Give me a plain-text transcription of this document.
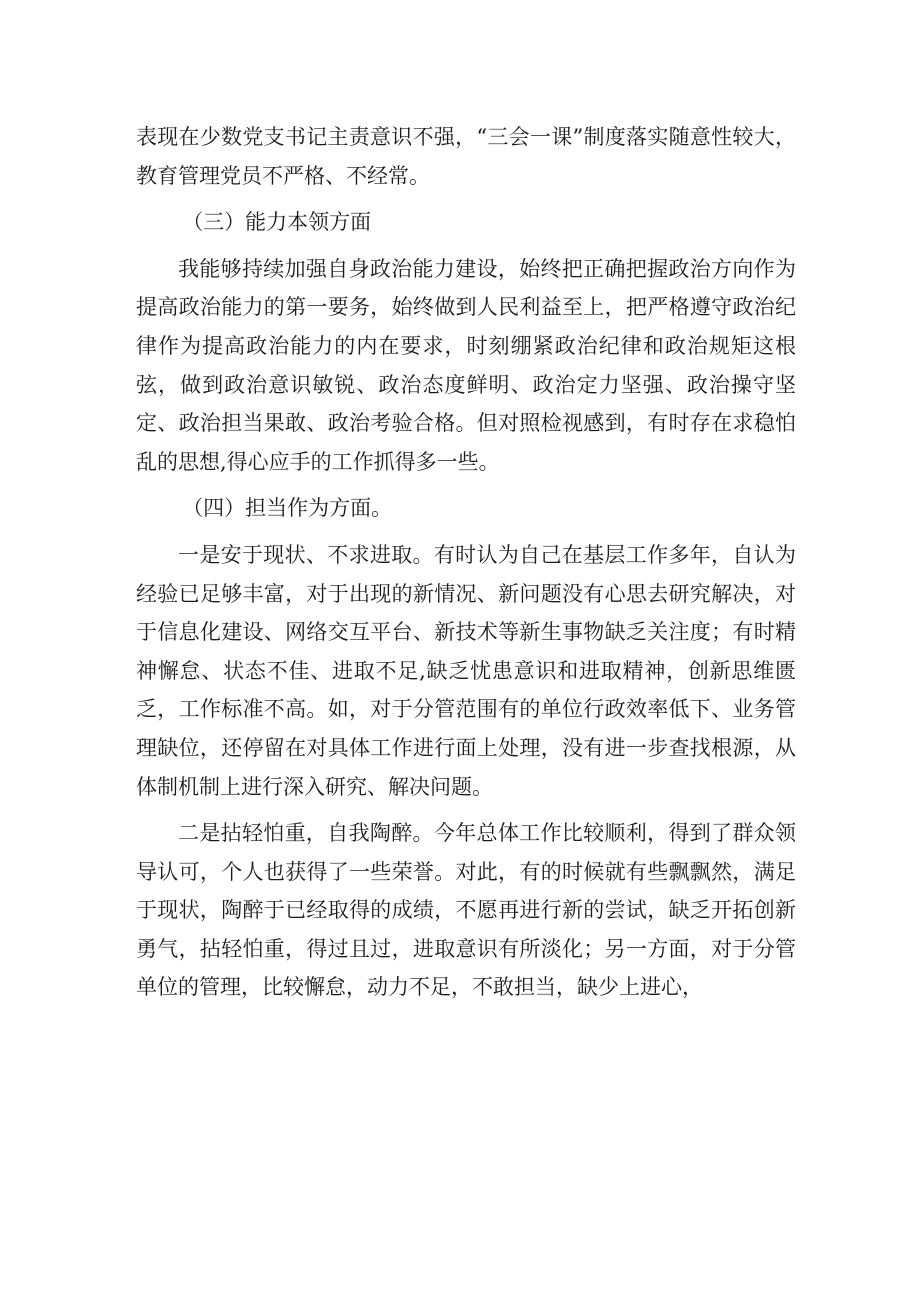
表现在少数党支书记主责意识不强，“三会一课”制度落实随意性较大，教育管理党员不严格、不经常。

（三）能力本领方面

我能够持续加强自身政治能力建设，始终把正确把握政治方向作为提高政治能力的第一要务，始终做到人民利益至上，把严格遵守政治纪律作为提高政治能力的内在要求，时刻绷紧政治纪律和政治规矩这根弦，做到政治意识敏锐、政治态度鲜明、政治定力坚强、政治操守坚定、政治担当果敢、政治考验合格。但对照检视感到，有时存在求稳怕乱的思想,得心应手的工作抓得多一些。

（四）担当作为方面。

一是安于现状、不求进取。有时认为自己在基层工作多年，自认为经验已足够丰富，对于出现的新情况、新问题没有心思去研究解决，对于信息化建设、网络交互平台、新技术等新生事物缺乏关注度；有时精神懈怠、状态不佳、进取不足,缺乏忧患意识和进取精神，创新思维匮乏，工作标准不高。如，对于分管范围有的单位行政效率低下、业务管理缺位，还停留在对具体工作进行面上处理，没有进一步查找根源，从体制机制上进行深入研究、解决问题。

二是拈轻怕重，自我陶醉。今年总体工作比较顺利，得到了群众领导认可，个人也获得了一些荣誉。对此，有的时候就有些飘飘然，满足于现状，陶醉于已经取得的成绩，不愿再进行新的尝试，缺乏开拓创新勇气，拈轻怕重，得过且过，进取意识有所淡化；另一方面，对于分管单位的管理，比较懈怠，动力不足，不敢担当，缺少上进心，
